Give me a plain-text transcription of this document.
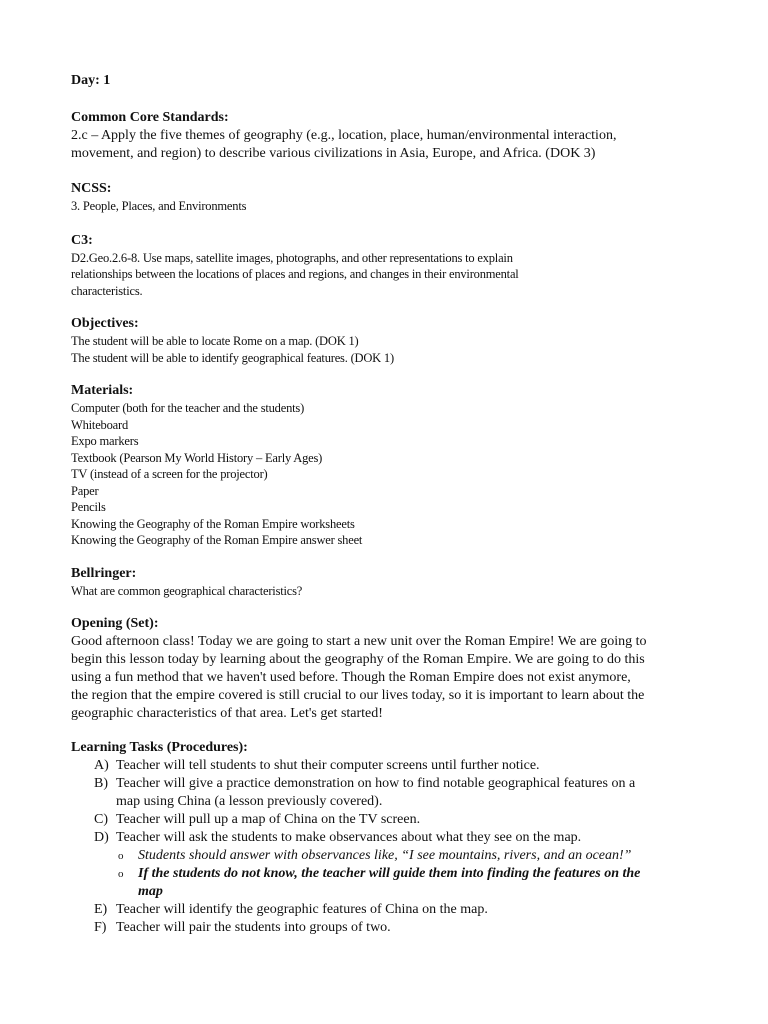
Day: 1
Common Core Standards:
2.c – Apply the five themes of geography (e.g., location, place, human/environmental interaction,
movement, and region) to describe various civilizations in Asia, Europe, and Africa. (DOK 3)
NCSS:
3. People, Places, and Environments
C3:
D2.Geo.2.6-8. Use maps, satellite images, photographs, and other representations to explain
relationships between the locations of places and regions, and changes in their environmental
characteristics.
Objectives:
The student will be able to locate Rome on a map. (DOK 1)
The student will be able to identify geographical features. (DOK 1)
Materials:
Computer (both for the teacher and the students)
Whiteboard
Expo markers
Textbook (Pearson My World History – Early Ages)
TV (instead of a screen for the projector)
Paper
Pencils
Knowing the Geography of the Roman Empire worksheets
Knowing the Geography of the Roman Empire answer sheet
Bellringer:
What are common geographical characteristics?
Opening (Set):
Good afternoon class! Today we are going to start a new unit over the Roman Empire! We are going to
begin this lesson today by learning about the geography of the Roman Empire. We are going to do this
using a fun method that we haven't used before. Though the Roman Empire does not exist anymore,
the region that the empire covered is still crucial to our lives today, so it is important to learn about the
geographic characteristics of that area. Let's get started!
Learning Tasks (Procedures):
A) Teacher will tell students to shut their computer screens until further notice.
B) Teacher will give a practice demonstration on how to find notable geographical features on a
map using China (a lesson previously covered).
C) Teacher will pull up a map of China on the TV screen.
D) Teacher will ask the students to make observances about what they see on the map.
o Students should answer with observances like, “I see mountains, rivers, and an ocean!”
o If the students do not know, the teacher will guide them into finding the features on the
map
E) Teacher will identify the geographic features of China on the map.
F) Teacher will pair the students into groups of two.
